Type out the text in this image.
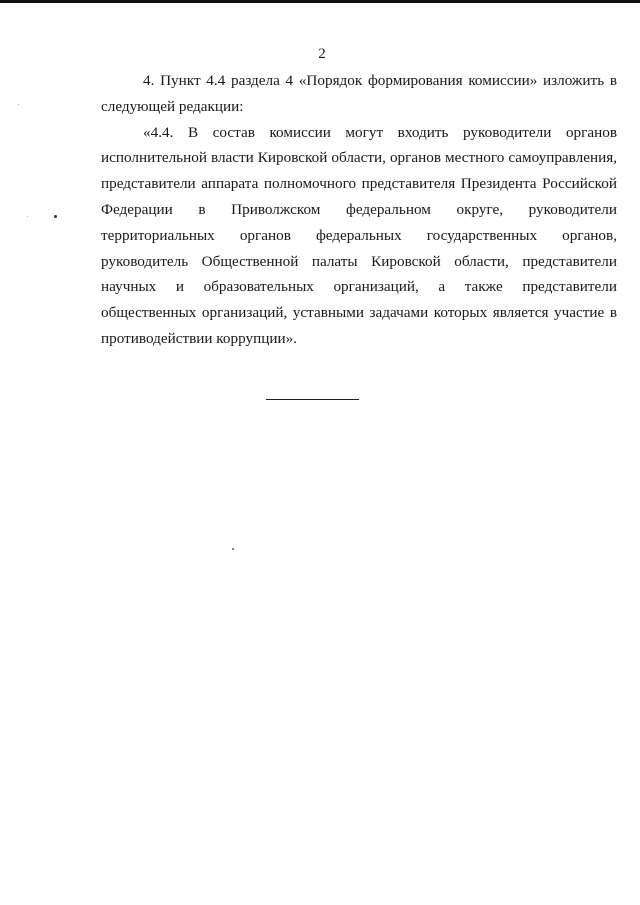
2

4. Пункт 4.4 раздела 4 «Порядок формирования комиссии» изложить в следующей редакции:

«4.4. В состав комиссии могут входить руководители органов исполнительной власти Кировской области, органов местного самоуправления, представители аппарата полномочного представителя Президента Российской Федерации в Приволжском федеральном округе, руководители территориальных органов федеральных государственных органов, руководитель Общественной палаты Кировской области, представители научных и образовательных организаций, а также представители общественных организаций, уставными задачами которых является участие в противодействии коррупции».
